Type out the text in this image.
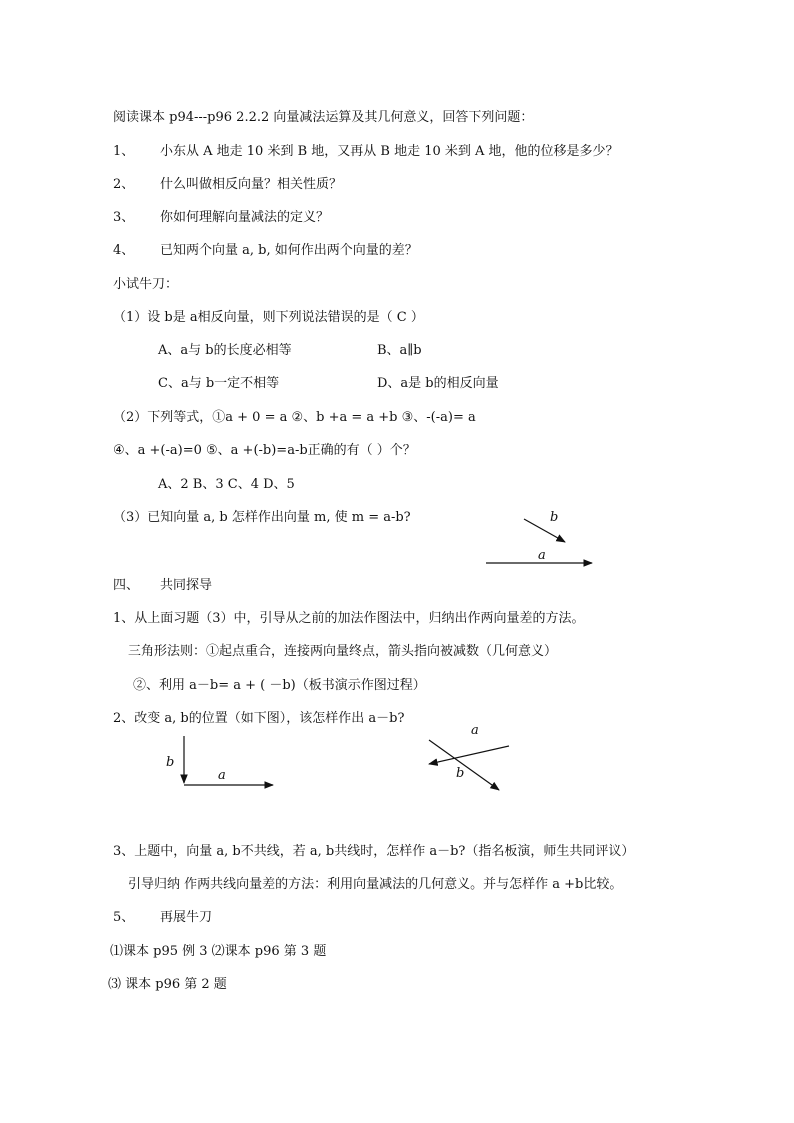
阅读课本 p94---p96 2.2.2 向量减法运算及其几何意义，回答下列问题：
1、 小东从 A 地走 10 米到 B 地，又再从 B 地走 10 米到 A 地，他的位移是多少？
2、 什么叫做相反向量？相关性质？
3、 你如何理解向量减法的定义？
4、 已知两个向量 a, b, 如何作出两个向量的差？
小试牛刀：
（1）设 b是 a相反向量，则下列说法错误的是（ C ）
A、a与 b的长度必相等	B、a∥b
C、a与 b一定不相等	D、a是 b的相反向量
（2）下列等式，①a + 0 = a ②、b +a = a +b ③、-(-a)= a
④、a +(-a)=0 ⑤、a +(-b)=a-b正确的有（ ）个？
A、2 B、3 C、4 D、5
（3）已知向量 a, b 怎样作出向量 m, 使 m = a-b?	b
a
四、 共同探导
1、从上面习题（3）中，引导从之前的加法作图法中，归纳出作两向量差的方法。
三角形法则：①起点重合，连接两向量终点，箭头指向被减数（几何意义）
②、利用 a－b= a + ( －b)（板书演示作图过程）
2、改变 a, b的位置（如下图），该怎样作出 a－b?
b
a
a
b
3、上题中，向量 a, b不共线，若 a, b共线时，怎样作 a－b?（指名板演，师生共同评议）
引导归纳 作两共线向量差的方法：利用向量减法的几何意义。并与怎样作 a +b比较。
5、 再展牛刀
⑴课本 p95 例 3 ⑵课本 p96 第 3 题
⑶ 课本 p96 第 2 题
